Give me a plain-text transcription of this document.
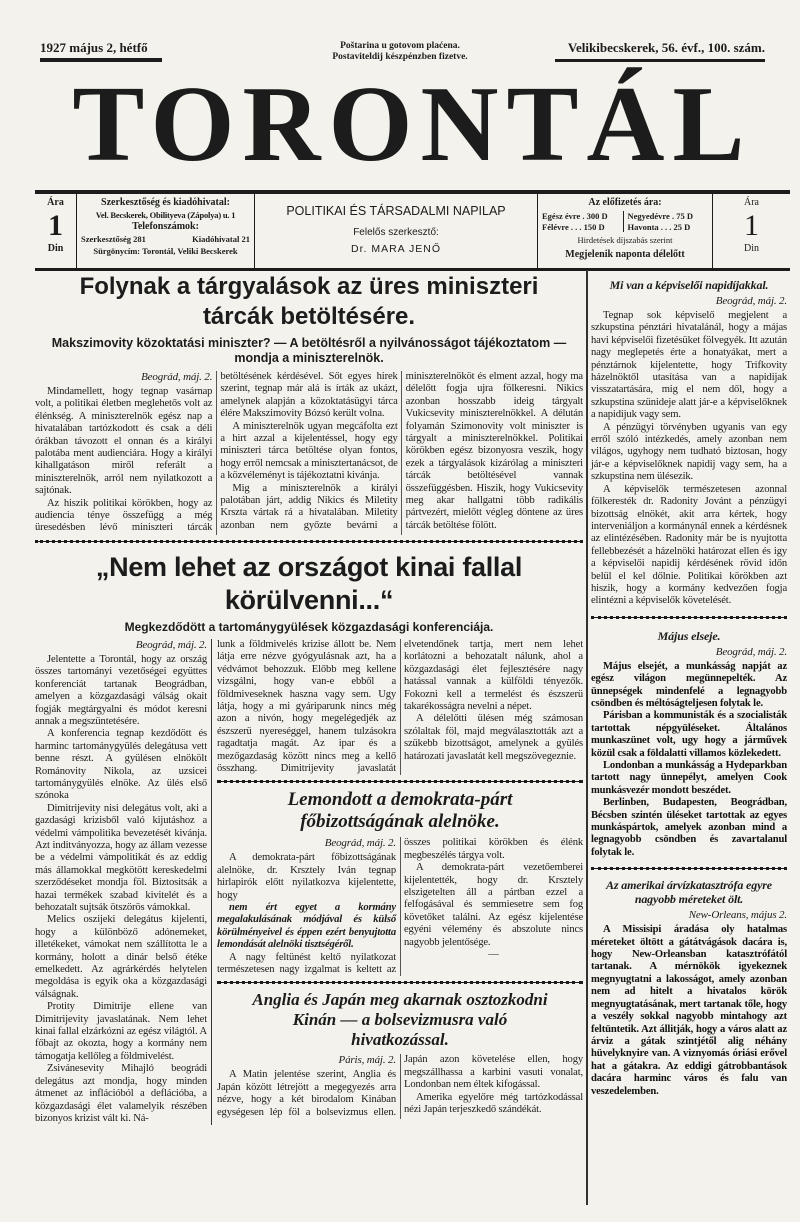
1927 május 2, hétfő	Poštarina u gotovom plaćena.
Postaviteldij készpénzben fizetve.
Velikibecskerek, 56. évf., 100. szám.
TORONTÁL
Ára
1
Din
Szerkesztőség és kiadóhivatal:
Vel. Becskerek, Obilityeva (Zápolya) u. 1
Telefonszámok:
Szerkesztőség 281	Kiadóhivatal 21
Sürgönycím: Torontál, Veliki Becskerek
POLITIKAI ÉS TÁRSADALMI NAPILAP
Felelős szerkesztő:
Dr. MARA JENŐ
Az előfizetés ára:
Egész évre . 300 D
Félévre . . . 150 D
Negyedévre . 75 D
Havonta . . . 25 D
Hirdetések díjszabás szerint
Megjelenik naponta délelőtt
Ára
1
Din
Folynak a tárgyalások az üres miniszteri
tárcák betöltésére.
Makszimovity közoktatási miniszter? — A betöltésről a nyilvánosságot tájékoztatom — mondja a miniszterelnök.
Beográd, máj. 2.

Mindamellett, hogy tegnap vasárnap volt, a politikai életben meglehetős volt az élénkség. A miniszterelnök egész nap a hivatalában tartózkodott és csak a déli órákban távozott el onnan és a királyi palotába ment audienciára. Hogy a királyi kihallgatáson miről referált a miniszterelnök, arról nem nyilatkozott a sajtónak.

Az hiszik politikai körökben, hogy az audiencia ténye összefügg a még üresedésben lévő miniszteri tárcák betöltésének kérdésével. Sőt egyes hirek szerint, tegnap már alá is írták az ukázt, amelynek alapján a közoktatásügyi tárca élére Makszimovity Bózsó került volna.

A miniszterelnök ugyan megcáfolta ezt a hirt azzal a kijelentéssel, hogy egy miniszteri tárca betöltése olyan fontos, hogy erről nemcsak a minisztertanácsot, de a közvéleményt is tájékoztatni kivánja.

Mig a miniszterelnök a királyi palotában járt, addig Nikics és Miletity Krszta vártak rá a hivatalában. Miletity azonban nem győzte bevárni a miniszterelnököt és elment azzal, hogy ma délelőtt fogja ujra fölkeresni. Nikics azonban hosszabb ideig tárgyalt Vukicsevity miniszterelnökkel. A délután folyamán Szimonovity volt miniszter is tárgyalt a miniszterelnökkel. Politikai körökben egész bizonyosra veszik, hogy ezek a tárgyalások kizárólag a miniszteri tárcák betöltésével vannak összefüggésben. Hiszik, hogy Vukicsevity meg akar hallgatni több radikális pártvezért, mielőtt végleg döntene az üres tárcák betöltése fölött.

„Nem lehet az országot kinai fallal
körülvenni...“
Megkezdődött a tartománygyülések közgazdasági konferenciája.
Beográd, máj. 2.

Jelentette a Torontál, hogy az ország összes tartományi vezetőségei együttes konferenciát tartanak Beográdban, amelyen a közgazdasági válság okait fogják megtárgyalni és módot keresni annak a megszüntetésére.

A konferencia tegnap kezdődött és harminc tartománygyülés delegátusa vett benne részt. A gyülésen elnökölt Románovity Nikola, az uzsicei tartománygyülés elnöke. Az ülés első szónoka

Dimitrijevity nisi delegátus volt, aki a gazdasági krizisből való kijutáshoz a védelmi vámpolitika bevezetését kivánja. Azt inditványozza, hogy az állam vezesse be a védelmi vámpolitikát és az eddig más államokkal megkötött kereskedelmi szerződéseket mondja föl. Biztositsák a hazai termékek szabad kivitelét és a behozatalt sujtsák ötszörös vámokkal.

Melics oszijeki delegátus kijelenti, hogy a különböző adónemeket, illetékeket, vámokat nem szállította le a kormány, holott a dinár belső étéke emelkedett. Az agrárkérdés helytelen megoldása is egyik oka a közgazdasági válságnak.

Protity Dimitrije ellene van Dimitrijevity javaslatának. Nem lehet kinai fallal elzárkózni az egész világtól. A főbajt az okozta, hogy a kormány nem támogatja kellőleg a földmivelést.

Zsivánesevity Mihajló beográdi delegátus azt mondja, hogy minden átmenet az inflációból a deflációba, a közgazdasági élet valamelyik részében bizonyos krizist vált ki. Ná-

lunk a földmivelés krizise állott be. Nem látja erre nézve gyógyulásnak azt, ha a védvámot behozzuk. Előbb meg kellene vizsgálni, hogy van-e ebből a földmiveseknek haszna vagy sem. Ugy látja, hogy a mi gyáriparunk nincs még azon a nivón, hogy megelégedjék az észszerü nyereséggel, hanem tulzásokra ragadtatja magát. Az ipar és a mezőgazdaság között nincs meg a kellő összhang. Dimitrijevity javaslatát elvetendőnek tartja, mert nem lehet korlátozni a behozatalt nálunk, ahol a közgazdasági élet fejlesztésére nagy hatással vannak a külföldi tényezők. Fokozni kell a termelést és észszerü takarékosságra nevelni a népet.

A délelőtti ülésen még számosan szólaltak föl, majd megválasztották azt a szükebb bizottságot, amelynek a gyülés határozati javaslatát kell megszövegeznie.

Lemondott a demokrata-párt
főbizottságának alelnöke.
Beográd, máj. 2.

A demokrata-párt főbizottságának alelnöke, dr. Krsztely Iván tegnap hirlapirók előtt nyilatkozva kijelentette, hogy

nem ért egyet a kormány megalakulásának módjával és külső körülményeivel és éppen ezért benyujtotta lemondását alelnöki tisztségéről.

A nagy feltünést keltő nyilatkozat természetesen nagy izgalmat is keltett az összes politikai körökben és élénk megbeszélés tárgya volt.

A demokrata-párt vezetőemberei kijelentették, hogy dr. Krsztely elszigetelten áll a pártban ezzel a felfogásával és semmiesetre sem fog követőket találni. Az egész kijelentése egyéni vélemény és abszolute nincs nagyobb jelentősége.

—
Anglia és Japán meg akarnak osztozkodni
Kinán — a bolsevizmusra való
hivatkozással.
Páris, máj. 2.

A Matin jelentése szerint, Anglia és Japán között létrejött a megegyezés arra nézve, hogy a két birodalom Kinában egységesen lép föl a bolsevizmus ellen. Japán azon követelése ellen, hogy megszállhassa a karbini vasuti vonalat, Londonban nem éltek kifogással.

Amerika egyelőre még tartózkodással nézi Japán terjeszkedő szándékát.

Mi van a képviselői napidíjakkal.
Beográd, máj. 2.

Tegnap sok képviselő megjelent a szkupstina pénztári hivatalánál, hogy a májas havi képviselői fizetésüket fölvegyék. Itt azután nagy meglepetés érte a honatyákat, mert a pénztárnok kijelentette, hogy Trifkovity házelnöktől utasítása van a napidijak visszatartására, mig el nem dől, hogy a szkupstina szünideje alatt jár-e a képviselőknek a napidijuk vagy sem.

A pénzügyi törvényben ugyanis van egy erről szóló intézkedés, amely azonban nem világos, ugyhogy nem tudható biztosan, hogy jár-e a képviselőknek napidij vagy sem, ha a szkupstina nem ülésezik.

A képviselők természetesen azonnal fölkeresték dr. Radonity Jovánt a pénzügyi bizottság elnökét, akit arra kértek, hogy interveniáljon a kormánynál ennek a kérdésnek az elintézésében. Radonity már be is nyujtotta fellebbezését a házelnöki határozat ellen és igy a képviselői napidij kérdésének rövid időn belül el kel dőlnie. Politikai körökben azt hiszik, hogy a kormány kedvezően fogja elintézni a képviselők követelését.

Május elseje.
Beográd, máj. 2.

Május elsejét, a munkásság napját az egész világon megünnepelték. Az ünnepségek mindenfelé a legnagyobb csöndben és méltóságteljesen folytak le.

Párisban a kommunisták és a szocialisták tartottak népgyüléseket. Általános munkaszünet volt, ugy hogy a járművek közül csak a földalatti villamos közlekedett.

Londonban a munkásság a Hydeparkban tartott nagy ünnepélyt, amelyen Cook munkásvezér mondott beszédet.

Berlinben, Budapesten, Beográdban, Bécsben szintén üléseket tartottak az egyes munkáspártok, amelyek azonban mind a legnagyobb csöndben és zavartalanul folytak le.

Az amerikai árvízkatasztrófa egyre nagyobb méreteket ölt.
New-Orleans, május 2.

A Missisipi áradása oly hatalmas méreteket öltött a gátátvágások dacára is, hogy New-Orleansban katasztrófától tartanak. A mérnökök igyekeznek megnyugtatni a lakosságot, amely azonban nem ad hitelt a hivatalos körök megnyugtatásának, mert tartanak tőle, hogy a veszély sokkal nagyobb mintahogy azt feltüntetik. Azt állitják, hogy a város alatt az árviz a gátak szintjétől alig néhány hüvelyknyire van. A viznyomás óriási erővel hat a gátakra. Az eddigi gátrobbantások dacára harminc város és falu van veszedelemben.
